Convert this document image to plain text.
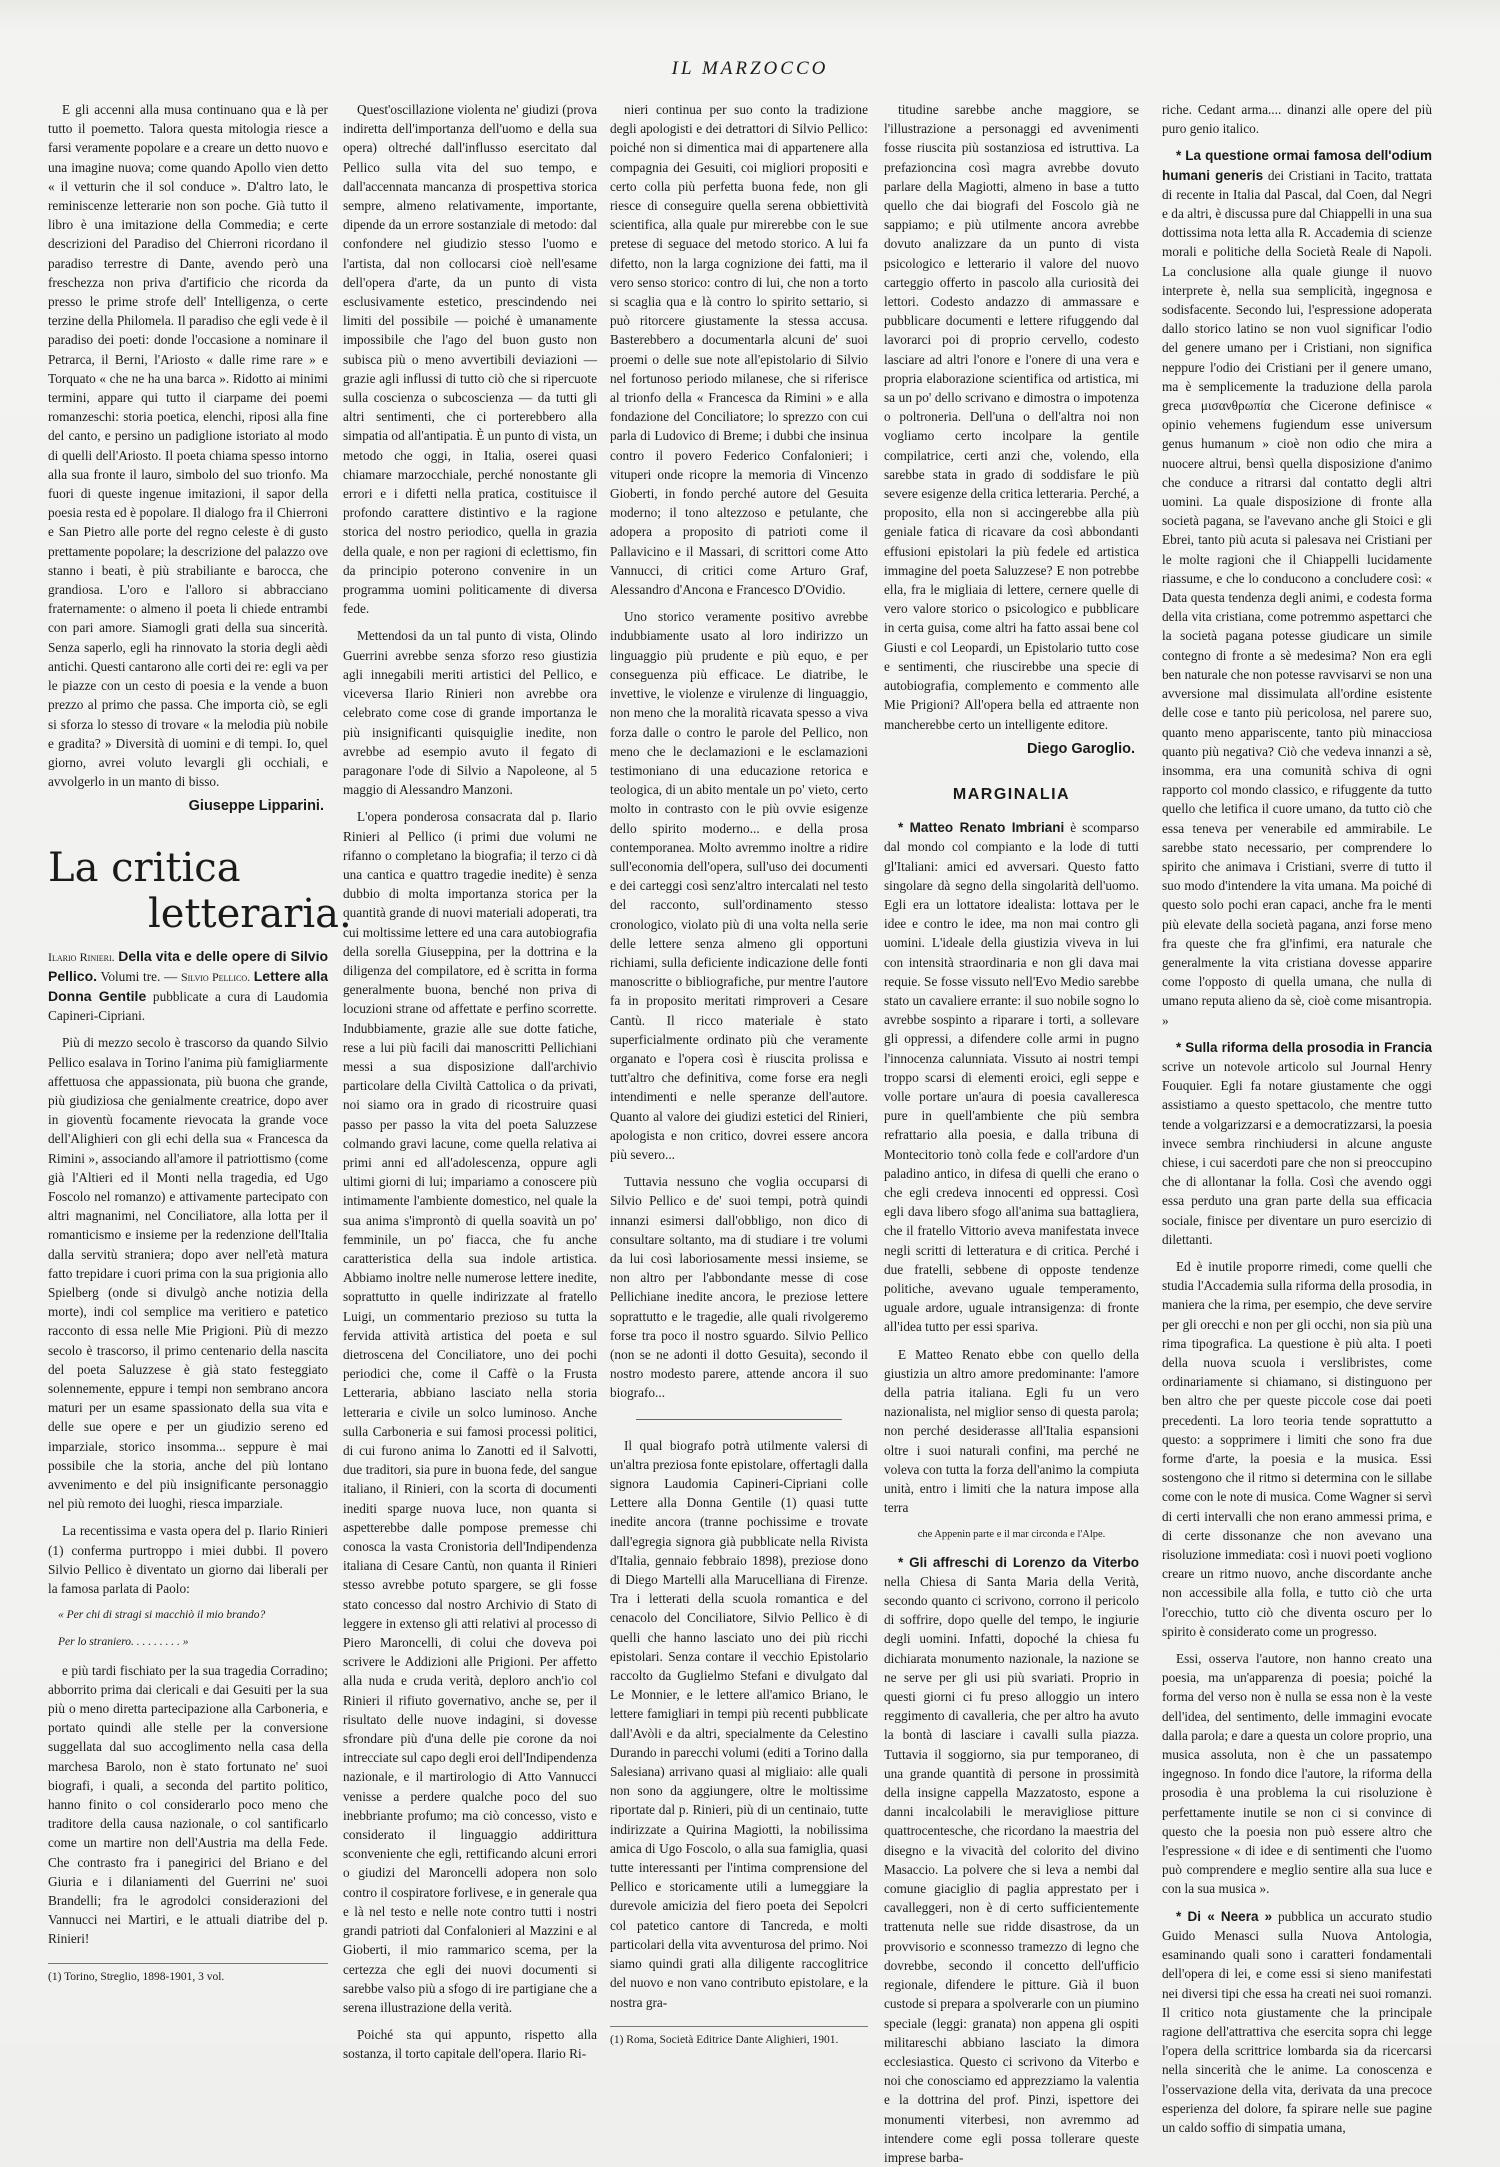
IL MARZOCCO

E gli accenni alla musa continuano qua e là per tutto il poemetto. Talora questa mitologia riesce a farsi veramente popolare e a creare un detto nuovo e una imagine nuova; come quando Apollo vien detto « il vetturin che il sol conduce ». D'altro lato, le reminiscenze letterarie non son poche. Già tutto il libro è una imitazione della Commedia; e certe descrizioni del Paradiso del Chierroni ricordano il paradiso terrestre di Dante, avendo però una freschezza non priva d'artificio che ricorda da presso le prime strofe dell' Intelligenza, o certe terzine della Philomela. Il paradiso che egli vede è il paradiso dei poeti: donde l'occasione a nominare il Petrarca, il Berni, l'Ariosto « dalle rime rare » e Torquato « che ne ha una barca ». Ridotto ai minimi termini, appare qui tutto il ciarpame dei poemi romanzeschi: storia poetica, elenchi, riposi alla fine del canto, e persino un padiglione istoriato al modo di quelli dell'Ariosto. Il poeta chiama spesso intorno alla sua fronte il lauro, simbolo del suo trionfo. Ma fuori di queste ingenue imitazioni, il sapor della poesia resta ed è popolare. Il dialogo fra il Chierroni e San Pietro alle porte del regno celeste è di gusto prettamente popolare; la descrizione del palazzo ove stanno i beati, è più strabiliante e barocca, che grandiosa. L'oro e l'alloro si abbracciano fraternamente: o almeno il poeta li chiede entrambi con pari amore. Siamogli grati della sua sincerità. Senza saperlo, egli ha rinnovato la storia degli aèdi antichi. Questi cantarono alle corti dei re: egli va per le piazze con un cesto di poesia e la vende a buon prezzo al primo che passa. Che importa ciò, se egli si sforza lo stesso di trovare « la melodia più nobile e gradita? » Diversità di uomini e di tempi. Io, quel giorno, avrei voluto levargli gli occhiali, e avvolgerlo in un manto di bisso.

Giuseppe Lipparini.
La critica
letteraria.

Ilario Rinieri. Della vita e delle opere di Silvio Pellico. Volumi tre. — Silvio Pellico. Lettere alla Donna Gentile pubblicate a cura di Laudomia Capineri-Cipriani.

Più di mezzo secolo è trascorso da quando Silvio Pellico esalava in Torino l'anima più famigliarmente affettuosa che appassionata, più buona che grande, più giudiziosa che genialmente creatrice, dopo aver in gioventù focamente rievocata la grande voce dell'Alighieri con gli echi della sua « Francesca da Rimini », associando all'amore il patriottismo (come già l'Altieri ed il Monti nella tragedia, ed Ugo Foscolo nel romanzo) e attivamente partecipato con altri magnanimi, nel Conciliatore, alla lotta per il romanticismo e insieme per la redenzione dell'Italia dalla servitù straniera; dopo aver nell'età matura fatto trepidare i cuori prima con la sua prigionia allo Spielberg (onde si divulgò anche notizia della morte), indi col semplice ma veritiero e patetico racconto di essa nelle Mie Prigioni. Più di mezzo secolo è trascorso, il primo centenario della nascita del poeta Saluzzese è già stato festeggiato solennemente, eppure i tempi non sembrano ancora maturi per un esame spassionato della sua vita e delle sue opere e per un giudizio sereno ed imparziale, storico insomma... seppure è mai possibile che la storia, anche del più lontano avvenimento e del più insignificante personaggio nel più remoto dei luoghi, riesca imparziale.

La recentissima e vasta opera del p. Ilario Rinieri (1) conferma purtroppo i miei dubbi. Il povero Silvio Pellico è diventato un giorno dai liberali per la famosa parlata di Paolo:

« Per chi di stragi si macchiò il mio brando?

Per lo straniero. . . . . . . . . »

e più tardi fischiato per la sua tragedia Corradino; abborrito prima dai clericali e dai Gesuiti per la sua più o meno diretta partecipazione alla Carboneria, e portato quindi alle stelle per la conversione suggellata dal suo accoglimento nella casa della marchesa Barolo, non è stato fortunato ne' suoi biografi, i quali, a seconda del partito politico, hanno finito o col considerarlo poco meno che traditore della causa nazionale, o col santificarlo come un martire non dell'Austria ma della Fede. Che contrasto fra i panegirici del Briano e del Giuria e i dilaniamenti del Guerrini ne' suoi Brandelli; fra le agrodolci considerazioni del Vannucci nei Martiri, e le attuali diatribe del p. Rinieri!

(1) Torino, Streglio, 1898-1901, 3 vol.

Quest'oscillazione violenta ne' giudizi (prova indiretta dell'importanza dell'uomo e della sua opera) oltreché dall'influsso esercitato dal Pellico sulla vita del suo tempo, e dall'accennata mancanza di prospettiva storica sempre, almeno relativamente, importante, dipende da un errore sostanziale di metodo: dal confondere nel giudizio stesso l'uomo e l'artista, dal non collocarsi cioè nell'esame dell'opera d'arte, da un punto di vista esclusivamente estetico, prescindendo nei limiti del possibile — poiché è umanamente impossibile che l'ago del buon gusto non subisca più o meno avvertibili deviazioni — grazie agli influssi di tutto ciò che si ripercuote sulla coscienza o subcoscienza — da tutti gli altri sentimenti, che ci porterebbero alla simpatia od all'antipatia. È un punto di vista, un metodo che oggi, in Italia, oserei quasi chiamare marzocchiale, perché nonostante gli errori e i difetti nella pratica, costituisce il profondo carattere distintivo e la ragione storica del nostro periodico, quella in grazia della quale, e non per ragioni di eclettismo, fin da principio poterono convenire in un programma uomini politicamente di diversa fede.

Mettendosi da un tal punto di vista, Olindo Guerrini avrebbe senza sforzo reso giustizia agli innegabili meriti artistici del Pellico, e viceversa Ilario Rinieri non avrebbe ora celebrato come cose di grande importanza le più insignificanti quisquiglie inedite, non avrebbe ad esempio avuto il fegato di paragonare l'ode di Silvio a Napoleone, al 5 maggio di Alessandro Manzoni.

L'opera ponderosa consacrata dal p. Ilario Rinieri al Pellico (i primi due volumi ne rifanno o completano la biografia; il terzo ci dà una cantica e quattro tragedie inedite) è senza dubbio di molta importanza storica per la quantità grande di nuovi materiali adoperati, tra cui moltissime lettere ed una cara autobiografia della sorella Giuseppina, per la dottrina e la diligenza del compilatore, ed è scritta in forma generalmente buona, benché non priva di locuzioni strane od affettate e perfino scorrette. Indubbiamente, grazie alle sue dotte fatiche, rese a lui più facili dai manoscritti Pellichiani messi a sua disposizione dall'archivio particolare della Civiltà Cattolica o da privati, noi siamo ora in grado di ricostruire quasi passo per passo la vita del poeta Saluzzese colmando gravi lacune, come quella relativa ai primi anni ed all'adolescenza, oppure agli ultimi giorni di lui; impariamo a conoscere più intimamente l'ambiente domestico, nel quale la sua anima s'improntò di quella soavità un po' femminile, un po' fiacca, che fu anche caratteristica della sua indole artistica. Abbiamo inoltre nelle numerose lettere inedite, soprattutto in quelle indirizzate al fratello Luigi, un commentario prezioso su tutta la fervida attività artistica del poeta e sul dietroscena del Conciliatore, uno dei pochi periodici che, come il Caffè o la Frusta Letteraria, abbiano lasciato nella storia letteraria e civile un solco luminoso. Anche sulla Carboneria e sui famosi processi politici, di cui furono anima lo Zanotti ed il Salvotti, due traditori, sia pure in buona fede, del sangue italiano, il Rinieri, con la scorta di documenti inediti sparge nuova luce, non quanta si aspetterebbe dalle pompose premesse chi conosca la vasta Cronistoria dell'Indipendenza italiana di Cesare Cantù, non quanta il Rinieri stesso avrebbe potuto spargere, se gli fosse stato concesso dal nostro Archivio di Stato di leggere in extenso gli atti relativi al processo di Piero Maroncelli, di colui che doveva poi scrivere le Addizioni alle Prigioni. Per affetto alla nuda e cruda verità, deploro anch'io col Rinieri il rifiuto governativo, anche se, per il risultato delle nuove indagini, si dovesse sfrondare più d'una delle pie corone da noi intrecciate sul capo degli eroi dell'Indipendenza nazionale, e il martirologio di Atto Vannucci venisse a perdere qualche poco del suo inebbriante profumo; ma ciò concesso, visto e considerato il linguaggio addirittura sconveniente che egli, rettificando alcuni errori o giudizi del Maroncelli adopera non solo contro il cospiratore forlivese, e in generale qua e là nel testo e nelle note contro tutti i nostri grandi patrioti dal Confalonieri al Mazzini e al Gioberti, il mio rammarico scema, per la certezza che egli dei nuovi documenti si sarebbe valso più a sfogo di ire partigiane che a serena illustrazione della verità.

Poiché sta qui appunto, rispetto alla sostanza, il torto capitale dell'opera. Ilario Ri-

nieri continua per suo conto la tradizione degli apologisti e dei detrattori di Silvio Pellico: poiché non si dimentica mai di appartenere alla compagnia dei Gesuiti, coi migliori propositi e certo colla più perfetta buona fede, non gli riesce di conseguire quella serena obbiettività scientifica, alla quale pur mirerebbe con le sue pretese di seguace del metodo storico. A lui fa difetto, non la larga cognizione dei fatti, ma il vero senso storico: contro di lui, che non a torto si scaglia qua e là contro lo spirito settario, si può ritorcere giustamente la stessa accusa. Basterebbero a documentarla alcuni de' suoi proemi o delle sue note all'epistolario di Silvio nel fortunoso periodo milanese, che si riferisce al trionfo della « Francesca da Rimini » e alla fondazione del Conciliatore; lo sprezzo con cui parla di Ludovico di Breme; i dubbi che insinua contro il povero Federico Confalonieri; i vituperi onde ricopre la memoria di Vincenzo Gioberti, in fondo perché autore del Gesuita moderno; il tono altezzoso e petulante, che adopera a proposito di patrioti come il Pallavicino e il Massari, di scrittori come Atto Vannucci, di critici come Arturo Graf, Alessandro d'Ancona e Francesco D'Ovidio.

Uno storico veramente positivo avrebbe indubbiamente usato al loro indirizzo un linguaggio più prudente e più equo, e per conseguenza più efficace. Le diatribe, le invettive, le violenze e virulenze di linguaggio, non meno che la moralità ricavata spesso a viva forza dalle o contro le parole del Pellico, non meno che le declamazioni e le esclamazioni testimoniano di una educazione retorica e teologica, di un abito mentale un po' vieto, certo molto in contrasto con le più ovvie esigenze dello spirito moderno... e della prosa contemporanea. Molto avremmo inoltre a ridire sull'economia dell'opera, sull'uso dei documenti e dei carteggi così senz'altro intercalati nel testo del racconto, sull'ordinamento stesso cronologico, violato più di una volta nella serie delle lettere senza almeno gli opportuni richiami, sulla deficiente indicazione delle fonti manoscritte o bibliografiche, pur mentre l'autore fa in proposito meritati rimproveri a Cesare Cantù. Il ricco materiale è stato superficialmente ordinato più che veramente organato e l'opera così è riuscita prolissa e tutt'altro che definitiva, come forse era negli intendimenti e nelle speranze dell'autore. Quanto al valore dei giudizi estetici del Rinieri, apologista e non critico, dovrei essere ancora più severo...

Tuttavia nessuno che voglia occuparsi di Silvio Pellico e de' suoi tempi, potrà quindi innanzi esimersi dall'obbligo, non dico di consultare soltanto, ma di studiare i tre volumi da lui così laboriosamente messi insieme, se non altro per l'abbondante messe di cose Pellichiane inedite ancora, le preziose lettere soprattutto e le tragedie, alle quali rivolgeremo forse tra poco il nostro sguardo. Silvio Pellico (non se ne adonti il dotto Gesuita), secondo il nostro modesto parere, attende ancora il suo biografo...

Il qual biografo potrà utilmente valersi di un'altra preziosa fonte epistolare, offertagli dalla signora Laudomia Capineri-Cipriani colle Lettere alla Donna Gentile (1) quasi tutte inedite ancora (tranne pochissime e trovate dall'egregia signora già pubblicate nella Rivista d'Italia, gennaio febbraio 1898), preziose dono di Diego Martelli alla Marucelliana di Firenze. Tra i letterati della scuola romantica e del cenacolo del Conciliatore, Silvio Pellico è di quelli che hanno lasciato uno dei più ricchi epistolari. Senza contare il vecchio Epistolario raccolto da Guglielmo Stefani e divulgato dal Le Monnier, e le lettere all'amico Briano, le lettere famigliari in tempi più recenti pubblicate dall'Avòli e da altri, specialmente da Celestino Durando in parecchi volumi (editi a Torino dalla Salesiana) arrivano quasi al migliaio: alle quali non sono da aggiungere, oltre le moltissime riportate dal p. Rinieri, più di un centinaio, tutte indirizzate a Quirina Magiotti, la nobilissima amica di Ugo Foscolo, o alla sua famiglia, quasi tutte interessanti per l'intima comprensione del Pellico e storicamente utili a lumeggiare la durevole amicizia del fiero poeta dei Sepolcri col patetico cantore di Tancreda, e molti particolari della vita avventurosa del primo. Noi siamo quindi grati alla diligente raccoglitrice del nuovo e non vano contributo epistolare, e la nostra gra-

(1) Roma, Società Editrice Dante Alighieri, 1901.

titudine sarebbe anche maggiore, se l'illustrazione a personaggi ed avvenimenti fosse riuscita più sostanziosa ed istruttiva. La prefazioncina così magra avrebbe dovuto parlare della Magiotti, almeno in base a tutto quello che dai biografi del Foscolo già ne sappiamo; e più utilmente ancora avrebbe dovuto analizzare da un punto di vista psicologico e letterario il valore del nuovo carteggio offerto in pascolo alla curiosità dei lettori. Codesto andazzo di ammassare e pubblicare documenti e lettere rifuggendo dal lavorarci poi di proprio cervello, codesto lasciare ad altri l'onore e l'onere di una vera e propria elaborazione scientifica od artistica, mi sa un po' dello scrivano e dimostra o impotenza o poltroneria. Dell'una o dell'altra noi non vogliamo certo incolpare la gentile compilatrice, certi anzi che, volendo, ella sarebbe stata in grado di soddisfare le più severe esigenze della critica letteraria. Perché, a proposito, ella non si accingerebbe alla più geniale fatica di ricavare da così abbondanti effusioni epistolari la più fedele ed artistica immagine del poeta Saluzzese? E non potrebbe ella, fra le migliaia di lettere, cernere quelle di vero valore storico o psicologico e pubblicare in certa guisa, come altri ha fatto assai bene col Giusti e col Leopardi, un Epistolario tutto cose e sentimenti, che riuscirebbe una specie di autobiografia, complemento e commento alle Mie Prigioni? All'opera bella ed attraente non mancherebbe certo un intelligente editore.

Diego Garoglio.
MARGINALIA

* Matteo Renato Imbriani è scomparso dal mondo col compianto e la lode di tutti gl'Italiani: amici ed avversari. Questo fatto singolare dà segno della singolarità dell'uomo. Egli era un lottatore idealista: lottava per le idee e contro le idee, ma non mai contro gli uomini. L'ideale della giustizia viveva in lui con intensità straordinaria e non gli dava mai requie. Se fosse vissuto nell'Evo Medio sarebbe stato un cavaliere errante: il suo nobile sogno lo avrebbe sospinto a riparare i torti, a sollevare gli oppressi, a difendere colle armi in pugno l'innocenza calunniata. Vissuto ai nostri tempi troppo scarsi di elementi eroici, egli seppe e volle portare un'aura di poesia cavalleresca pure in quell'ambiente che più sembra refrattario alla poesia, e dalla tribuna di Montecitorio tonò colla fede e coll'ardore d'un paladino antico, in difesa di quelli che erano o che egli credeva innocenti ed oppressi. Così egli dava libero sfogo all'anima sua battagliera, che il fratello Vittorio aveva manifestata invece negli scritti di letteratura e di critica. Perché i due fratelli, sebbene di opposte tendenze politiche, avevano uguale temperamento, uguale ardore, uguale intransigenza: di fronte all'idea tutto per essi spariva.

E Matteo Renato ebbe con quello della giustizia un altro amore predominante: l'amore della patria italiana. Egli fu un vero nazionalista, nel miglior senso di questa parola; non perché desiderasse all'Italia espansioni oltre i suoi naturali confini, ma perché ne voleva con tutta la forza dell'animo la compiuta unità, entro i limiti che la natura impose alla terra

che Appenin parte e il mar circonda e l'Alpe.

* Gli affreschi di Lorenzo da Viterbo nella Chiesa di Santa Maria della Verità, secondo quanto ci scrivono, corrono il pericolo di soffrire, dopo quelle del tempo, le ingiurie degli uomini. Infatti, dopoché la chiesa fu dichiarata monumento nazionale, la nazione se ne serve per gli usi più svariati. Proprio in questi giorni ci fu preso alloggio un intero reggimento di cavalleria, che per altro ha avuto la bontà di lasciare i cavalli sulla piazza. Tuttavia il soggiorno, sia pur temporaneo, di una grande quantità di persone in prossimità della insigne cappella Mazzatosto, espone a danni incalcolabili le meravigliose pitture quattrocentesche, che ricordano la maestria del disegno e la vivacità del colorito del divino Masaccio. La polvere che si leva a nembi dal comune giaciglio di paglia apprestato per i cavalleggeri, non è di certo sufficientemente trattenuta nelle sue ridde disastrose, da un provvisorio e sconnesso tramezzo di legno che dovrebbe, secondo il concetto dell'ufficio regionale, difendere le pitture. Già il buon custode si prepara a spolverarle con un piumino speciale (leggi: granata) non appena gli ospiti militareschi abbiano lasciato la dimora ecclesiastica. Questo ci scrivono da Viterbo e noi che conosciamo ed apprezziamo la valentia e la dottrina del prof. Pinzi, ispettore dei monumenti viterbesi, non avremmo ad intendere come egli possa tollerare queste imprese barba-

riche. Cedant arma.... dinanzi alle opere del più puro genio italico.

* La questione ormai famosa dell'odium humani generis dei Cristiani in Tacito, trattata di recente in Italia dal Pascal, dal Coen, dal Negri e da altri, è discussa pure dal Chiappelli in una sua dottissima nota letta alla R. Accademia di scienze morali e politiche della Società Reale di Napoli. La conclusione alla quale giunge il nuovo interprete è, nella sua semplicità, ingegnosa e sodisfacente. Secondo lui, l'espressione adoperata dallo storico latino se non vuol significar l'odio del genere umano per i Cristiani, non significa neppure l'odio dei Cristiani per il genere umano, ma è semplicemente la traduzione della parola greca μισανθρωπία che Cicerone definisce « opinio vehemens fugiendum esse universum genus humanum » cioè non odio che mira a nuocere altrui, bensì quella disposizione d'animo che conduce a ritrarsi dal contatto degli altri uomini. La quale disposizione di fronte alla società pagana, se l'avevano anche gli Stoici e gli Ebrei, tanto più acuta si palesava nei Cristiani per le molte ragioni che il Chiappelli lucidamente riassume, e che lo conducono a concludere così: « Data questa tendenza degli animi, e codesta forma della vita cristiana, come potremmo aspettarci che la società pagana potesse giudicare un simile contegno di fronte a sè medesima? Non era egli ben naturale che non potesse ravvisarvi se non una avversione mal dissimulata all'ordine esistente delle cose e tanto più pericolosa, nel parere suo, quanto meno appariscente, tanto più minacciosa quanto più negativa? Ciò che vedeva innanzi a sè, insomma, era una comunità schiva di ogni rapporto col mondo classico, e rifuggente da tutto quello che letifica il cuore umano, da tutto ciò che essa teneva per venerabile ed ammirabile. Le sarebbe stato necessario, per comprendere lo spirito che animava i Cristiani, sverre di tutto il suo modo d'intendere la vita umana. Ma poiché di questo solo pochi eran capaci, anche fra le menti più elevate della società pagana, anzi forse meno fra queste che fra gl'infimi, era naturale che generalmente la vita cristiana dovesse apparire come l'opposto di quella umana, che nulla di umano reputa alieno da sè, cioè come misantropia. »

* Sulla riforma della prosodia in Francia scrive un notevole articolo sul Journal Henry Fouquier. Egli fa notare giustamente che oggi assistiamo a questo spettacolo, che mentre tutto tende a volgarizzarsi e a democratizzarsi, la poesia invece sembra rinchiudersi in alcune anguste chiese, i cui sacerdoti pare che non si preoccupino che di allontanar la folla. Così che avendo oggi essa perduto una gran parte della sua efficacia sociale, finisce per diventare un puro esercizio di dilettanti.

Ed è inutile proporre rimedi, come quelli che studia l'Accademia sulla riforma della prosodia, in maniera che la rima, per esempio, che deve servire per gli orecchi e non per gli occhi, non sia più una rima tipografica. La questione è più alta. I poeti della nuova scuola i verslibristes, come ordinariamente si chiamano, si distinguono per ben altro che per queste piccole cose dai poeti precedenti. La loro teoria tende soprattutto a questo: a sopprimere i limiti che sono fra due forme d'arte, la poesia e la musica. Essi sostengono che il ritmo si determina con le sillabe come con le note di musica. Come Wagner si servì di certi intervalli che non erano ammessi prima, e di certe dissonanze che non avevano una risoluzione immediata: così i nuovi poeti vogliono creare un ritmo nuovo, anche discordante anche non accessibile alla folla, e tutto ciò che urta l'orecchio, tutto ciò che diventa oscuro per lo spirito è considerato come un progresso.

Essi, osserva l'autore, non hanno creato una poesia, ma un'apparenza di poesia; poiché la forma del verso non è nulla se essa non è la veste dell'idea, del sentimento, delle immagini evocate dalla parola; e dare a questa un colore proprio, una musica assoluta, non è che un passatempo ingegnoso. In fondo dice l'autore, la riforma della prosodia è una problema la cui risoluzione è perfettamente inutile se non ci si convince di questo che la poesia non può essere altro che l'espressione « di idee e di sentimenti che l'uomo può comprendere e meglio sentire alla sua luce e con la sua musica ».

* Di « Neera » pubblica un accurato studio Guido Menasci sulla Nuova Antologia, esaminando quali sono i caratteri fondamentali dell'opera di lei, e come essi si sieno manifestati nei diversi tipi che essa ha creati nei suoi romanzi. Il critico nota giustamente che la principale ragione dell'attrattiva che esercita sopra chi legge l'opera della scrittrice lombarda sia da ricercarsi nella sincerità che le anime. La conoscenza e l'osservazione della vita, derivata da una precoce esperienza del dolore, fa spirare nelle sue pagine un caldo soffio di simpatia umana,
